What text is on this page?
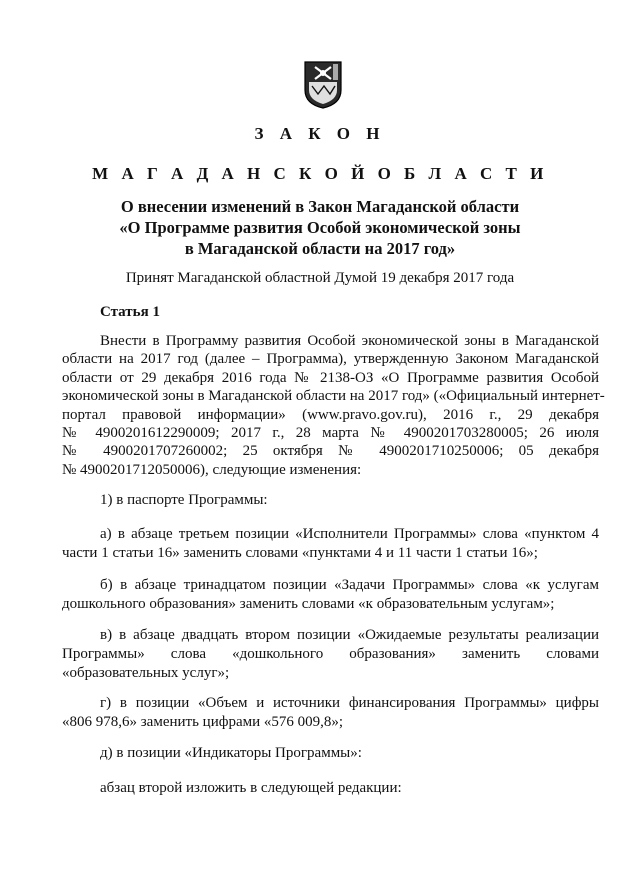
З А К О Н
М А Г А Д А Н С К О Й О Б Л А С Т И
О внесении изменений в Закон Магаданской области
«О Программе развития Особой экономической зоны
в Магаданской области на 2017 год»
Принят Магаданской областной Думой 19 декабря 2017 года
Статья 1
Внести в Программу развития Особой экономической зоны в Магаданской
области на 2017 год (далее – Программа), утвержденную Законом Магаданской
области от 29 декабря 2016 года № 2138-ОЗ «О Программе развития Особой
экономической зоны в Магаданской области на 2017 год» («Официальный интернет-
портал правовой информации» (www.pravo.gov.ru), 2016 г., 29 декабря
№ 4900201612290009; 2017 г., 28 марта № 4900201703280005; 26 июля
№ 4900201707260002; 25 октября № 4900201710250006; 05 декабря
№ 4900201712050006), следующие изменения:
1) в паспорте Программы:
а) в абзаце третьем позиции «Исполнители Программы» слова «пунктом 4
части 1 статьи 16» заменить словами «пунктами 4 и 11 части 1 статьи 16»;
б) в абзаце тринадцатом позиции «Задачи Программы» слова «к услугам
дошкольного образования» заменить словами «к образовательным услугам»;
в) в абзаце двадцать втором позиции «Ожидаемые результаты реализации
Программы» слова «дошкольного образования» заменить словами
«образовательных услуг»;
г) в позиции «Объем и источники финансирования Программы» цифры
«806 978,6» заменить цифрами «576 009,8»;
д) в позиции «Индикаторы Программы»:
абзац второй изложить в следующей редакции:
